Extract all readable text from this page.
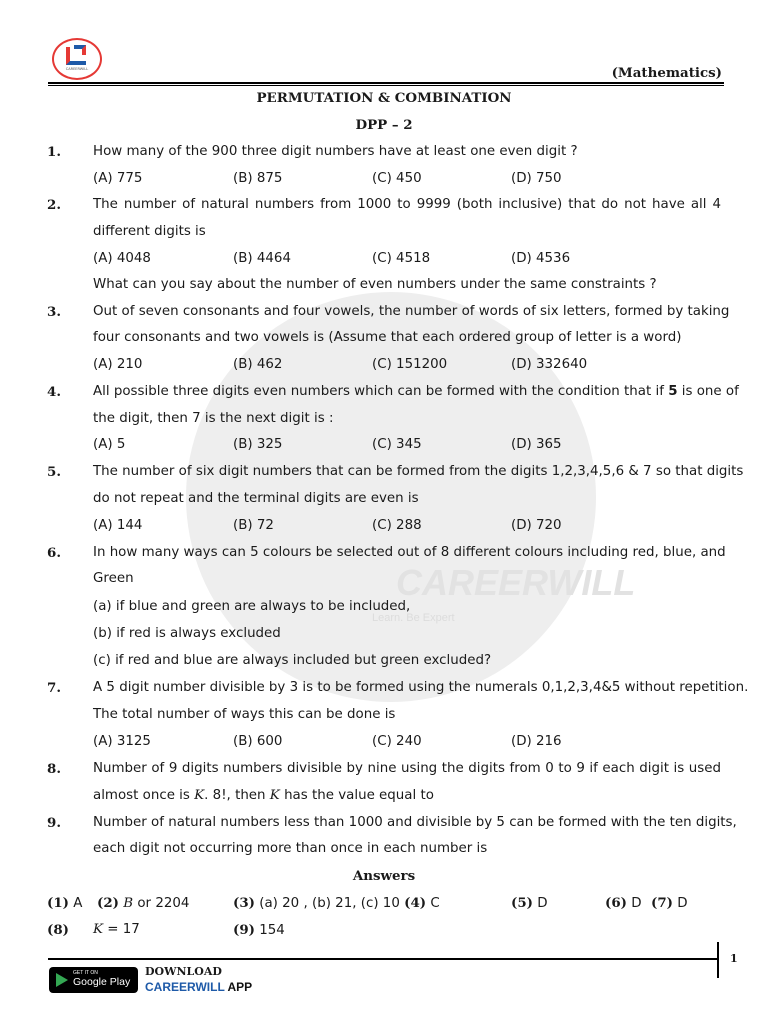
CAREERWILL
Learn. Be Expert
CAREERWILL	(Mathematics)
PERMUTATION & COMBINATION
DPP – 2
1. How many of the 900 three digit numbers have at least one even digit ?
(A) 775	(B) 875	(C) 450	(D) 750
2. The number of natural numbers from 1000 to 9999 (both inclusive) that do not have all 4
different digits is
(A) 4048	(B) 4464	(C) 4518	(D) 4536
What can you say about the number of even numbers under the same constraints ?
3. Out of seven consonants and four vowels, the number of words of six letters, formed by taking
four consonants and two vowels is (Assume that each ordered group of letter is a word)
(A) 210	(B) 462	(C) 151200	(D) 332640
4. All possible three digits even numbers which can be formed with the condition that if 5 is one of
the digit, then 7 is the next digit is :
(A) 5	(B) 325	(C) 345	(D) 365
5. The number of six digit numbers that can be formed from the digits 1,2,3,4,5,6 & 7 so that digits
do not repeat and the terminal digits are even is
(A) 144	(B) 72	(C) 288	(D) 720
6. In how many ways can 5 colours be selected out of 8 different colours including red, blue, and
Green
(a) if blue and green are always to be included,
(b) if red is always excluded
(c) if red and blue are always included but green excluded?
7. A 5 digit number divisible by 3 is to be formed using the numerals 0,1,2,3,4&5 without repetition.
The total number of ways this can be done is
(A) 3125	(B) 600	(C) 240	(D) 216
8. Number of 9 digits numbers divisible by nine using the digits from 0 to 9 if each digit is used
almost once is K. 8!, then K has the value equal to
9. Number of natural numbers less than 1000 and divisible by 5 can be formed with the ten digits,
each digit not occurring more than once in each number is
Answers
(1) A (2) B or 2204	(3) (a) 20 , (b) 21, (c) 10 (4) C	(5) D	(6) D (7) D
(8) K = 17	(9) 154
1
GET IT ON
Google Play
DOWNLOAD
CAREERWILL APP
